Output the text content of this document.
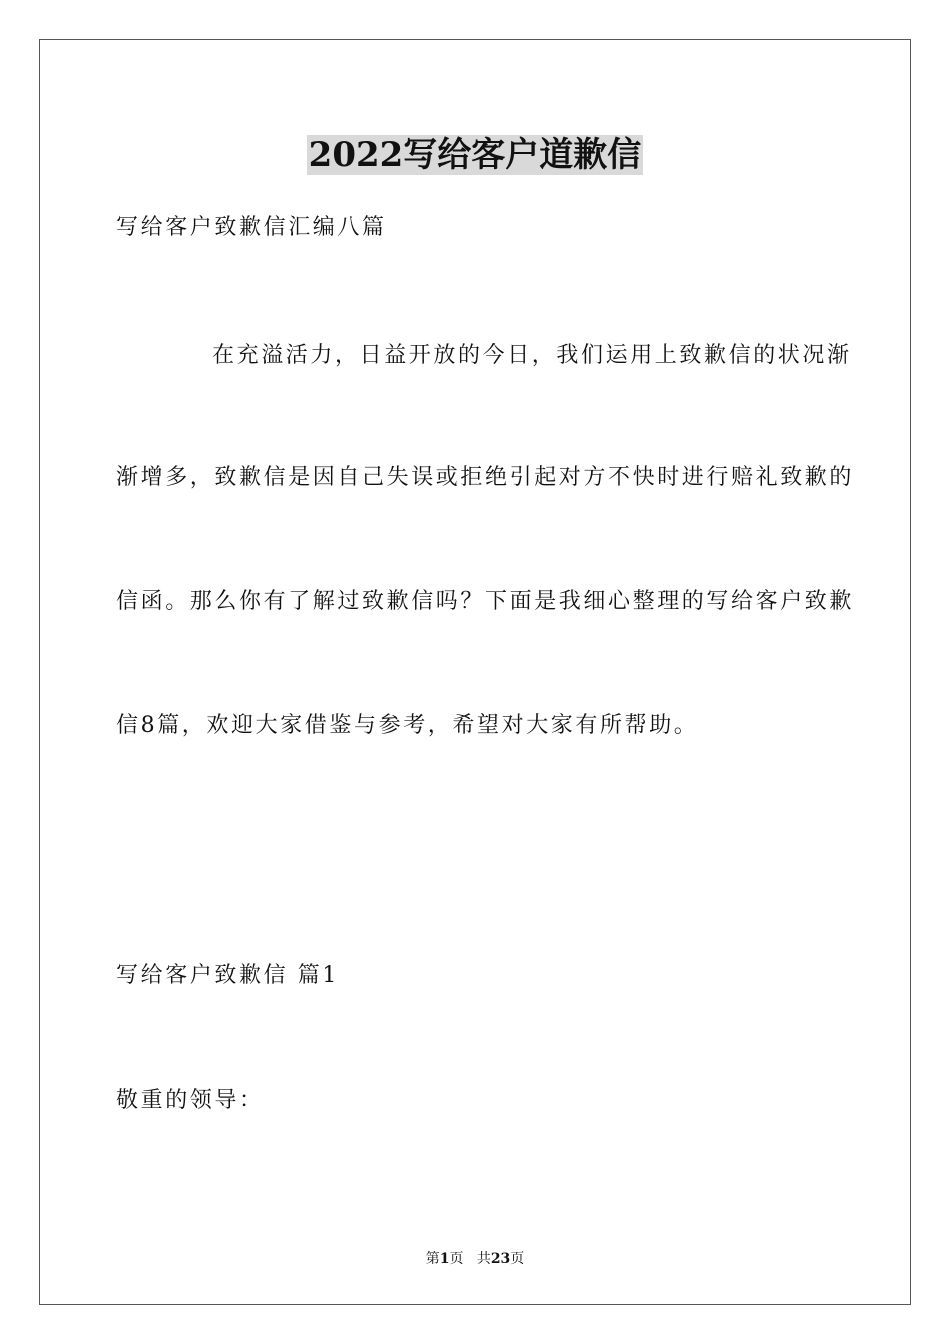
2022写给客户道歉信
写给客户致歉信汇编八篇
在充溢活力，日益开放的今日，我们运用上致歉信的状况渐
渐增多，致歉信是因自己失误或拒绝引起对方不快时进行赔礼致歉的
信函。那么你有了解过致歉信吗？下面是我细心整理的写给客户致歉
信8篇，欢迎大家借鉴与参考，希望对大家有所帮助。
写给客户致歉信 篇1
敬重的领导：
第1页 共23页
